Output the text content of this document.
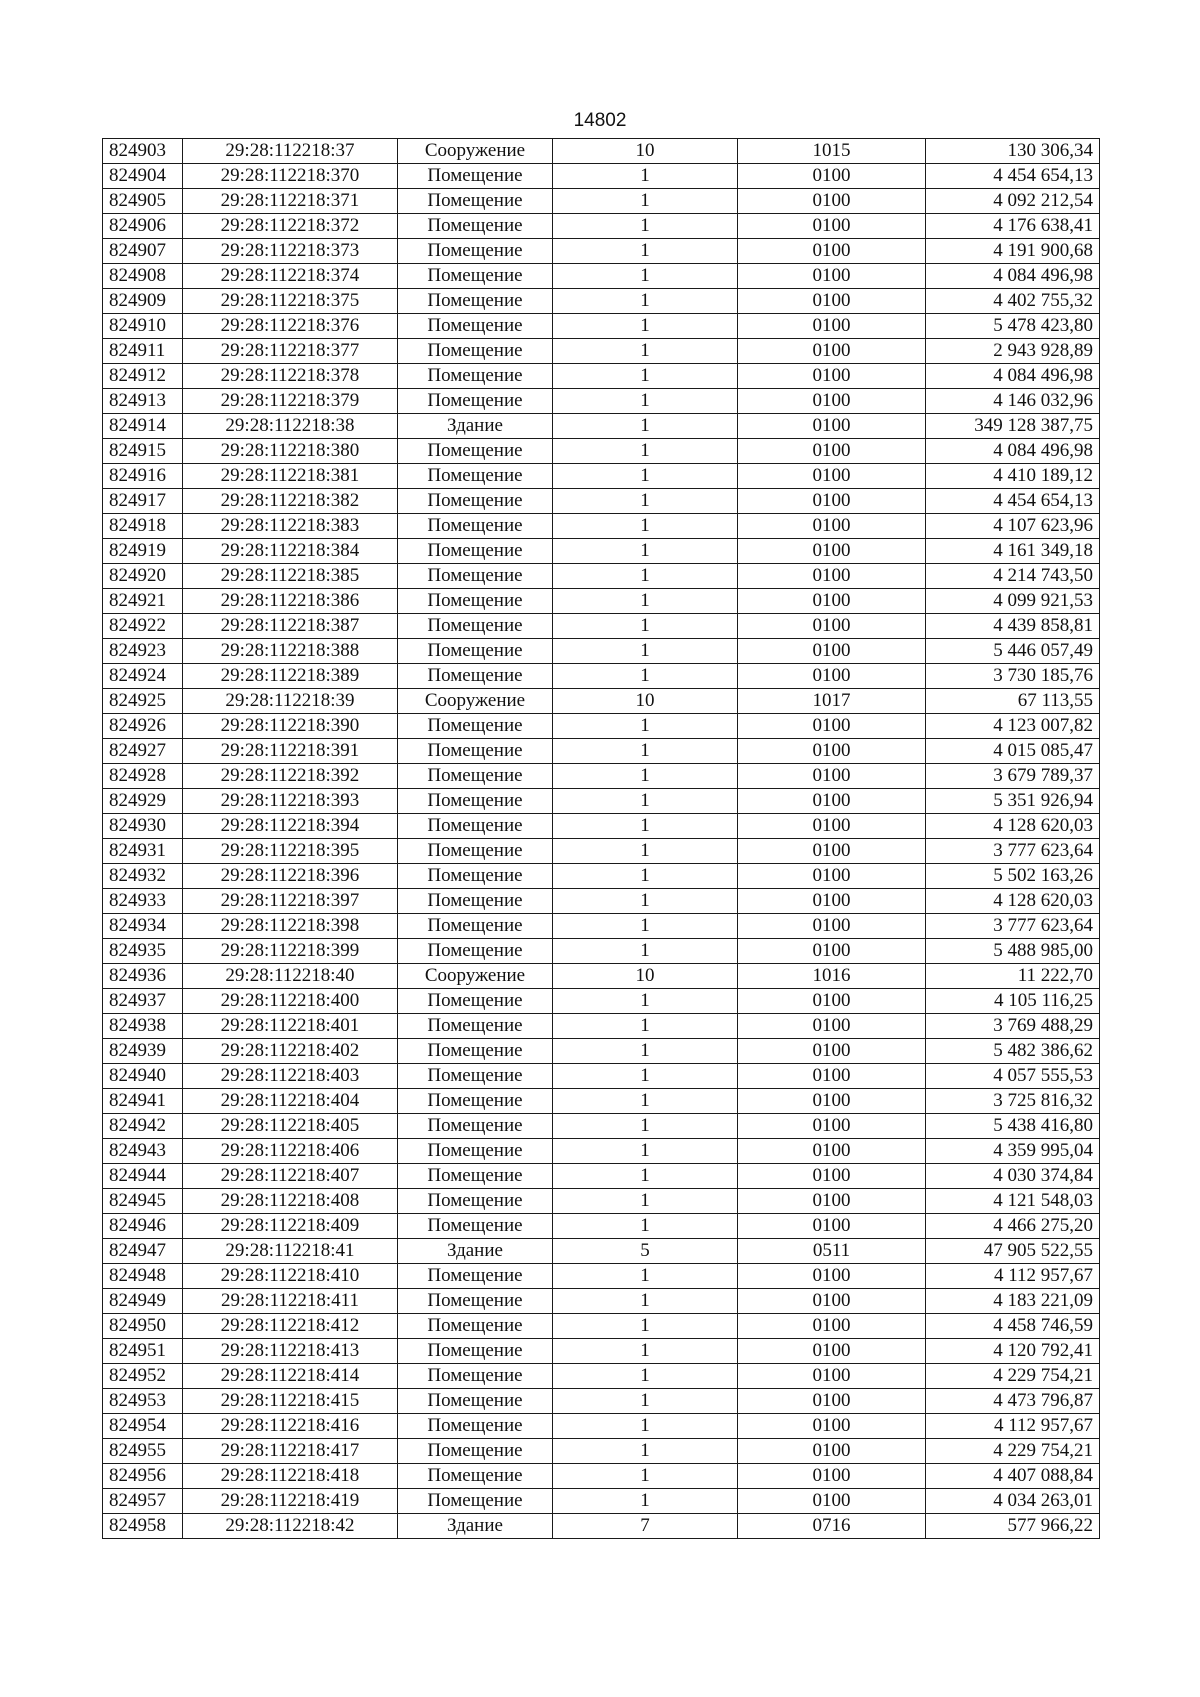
14802
824903	29:28:112218:37	Сооружение	10	1015	130 306,34
824904	29:28:112218:370	Помещение	1	0100	4 454 654,13
824905	29:28:112218:371	Помещение	1	0100	4 092 212,54
824906	29:28:112218:372	Помещение	1	0100	4 176 638,41
824907	29:28:112218:373	Помещение	1	0100	4 191 900,68
824908	29:28:112218:374	Помещение	1	0100	4 084 496,98
824909	29:28:112218:375	Помещение	1	0100	4 402 755,32
824910	29:28:112218:376	Помещение	1	0100	5 478 423,80
824911	29:28:112218:377	Помещение	1	0100	2 943 928,89
824912	29:28:112218:378	Помещение	1	0100	4 084 496,98
824913	29:28:112218:379	Помещение	1	0100	4 146 032,96
824914	29:28:112218:38	Здание	1	0100	349 128 387,75
824915	29:28:112218:380	Помещение	1	0100	4 084 496,98
824916	29:28:112218:381	Помещение	1	0100	4 410 189,12
824917	29:28:112218:382	Помещение	1	0100	4 454 654,13
824918	29:28:112218:383	Помещение	1	0100	4 107 623,96
824919	29:28:112218:384	Помещение	1	0100	4 161 349,18
824920	29:28:112218:385	Помещение	1	0100	4 214 743,50
824921	29:28:112218:386	Помещение	1	0100	4 099 921,53
824922	29:28:112218:387	Помещение	1	0100	4 439 858,81
824923	29:28:112218:388	Помещение	1	0100	5 446 057,49
824924	29:28:112218:389	Помещение	1	0100	3 730 185,76
824925	29:28:112218:39	Сооружение	10	1017	67 113,55
824926	29:28:112218:390	Помещение	1	0100	4 123 007,82
824927	29:28:112218:391	Помещение	1	0100	4 015 085,47
824928	29:28:112218:392	Помещение	1	0100	3 679 789,37
824929	29:28:112218:393	Помещение	1	0100	5 351 926,94
824930	29:28:112218:394	Помещение	1	0100	4 128 620,03
824931	29:28:112218:395	Помещение	1	0100	3 777 623,64
824932	29:28:112218:396	Помещение	1	0100	5 502 163,26
824933	29:28:112218:397	Помещение	1	0100	4 128 620,03
824934	29:28:112218:398	Помещение	1	0100	3 777 623,64
824935	29:28:112218:399	Помещение	1	0100	5 488 985,00
824936	29:28:112218:40	Сооружение	10	1016	11 222,70
824937	29:28:112218:400	Помещение	1	0100	4 105 116,25
824938	29:28:112218:401	Помещение	1	0100	3 769 488,29
824939	29:28:112218:402	Помещение	1	0100	5 482 386,62
824940	29:28:112218:403	Помещение	1	0100	4 057 555,53
824941	29:28:112218:404	Помещение	1	0100	3 725 816,32
824942	29:28:112218:405	Помещение	1	0100	5 438 416,80
824943	29:28:112218:406	Помещение	1	0100	4 359 995,04
824944	29:28:112218:407	Помещение	1	0100	4 030 374,84
824945	29:28:112218:408	Помещение	1	0100	4 121 548,03
824946	29:28:112218:409	Помещение	1	0100	4 466 275,20
824947	29:28:112218:41	Здание	5	0511	47 905 522,55
824948	29:28:112218:410	Помещение	1	0100	4 112 957,67
824949	29:28:112218:411	Помещение	1	0100	4 183 221,09
824950	29:28:112218:412	Помещение	1	0100	4 458 746,59
824951	29:28:112218:413	Помещение	1	0100	4 120 792,41
824952	29:28:112218:414	Помещение	1	0100	4 229 754,21
824953	29:28:112218:415	Помещение	1	0100	4 473 796,87
824954	29:28:112218:416	Помещение	1	0100	4 112 957,67
824955	29:28:112218:417	Помещение	1	0100	4 229 754,21
824956	29:28:112218:418	Помещение	1	0100	4 407 088,84
824957	29:28:112218:419	Помещение	1	0100	4 034 263,01
824958	29:28:112218:42	Здание	7	0716	577 966,22
